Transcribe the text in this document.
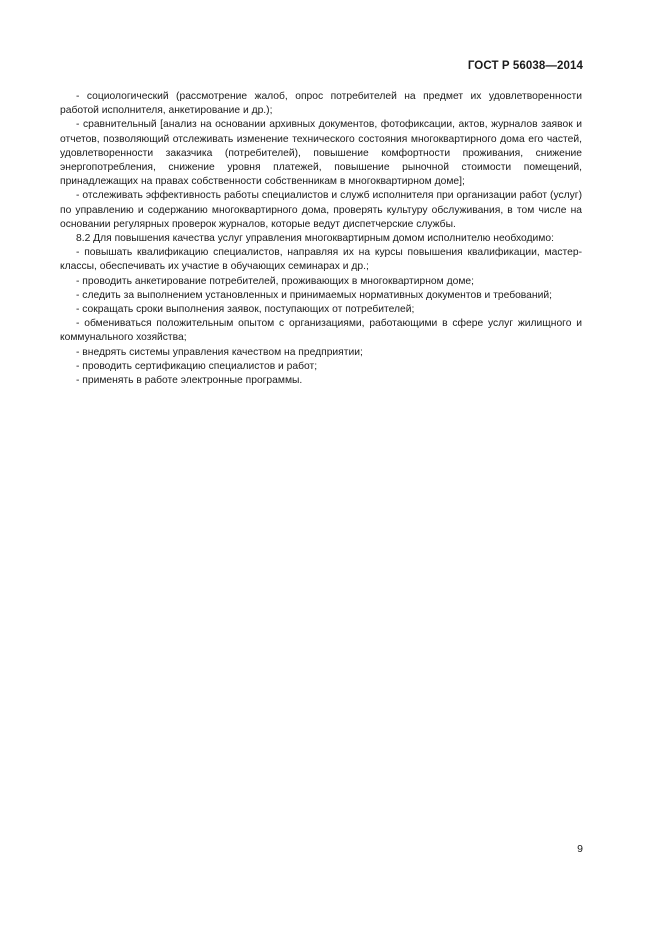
ГОСТ Р 56038—2014

- социологический (рассмотрение жалоб, опрос потребителей на предмет их удовлетворенности работой исполнителя, анкетирование и др.);

- сравнительный [анализ на основании архивных документов, фотофиксации, актов, журналов заявок и отчетов, позволяющий отслеживать изменение технического состояния многоквартирного дома его частей, удовлетворенности заказчика (потребителей), повышение комфортности проживания, снижение энергопотребления, снижение уровня платежей, повышение рыночной стоимости помещений, принадлежащих на правах собственности собственникам в многоквартирном доме];

- отслеживать эффективность работы специалистов и служб исполнителя при организации работ (услуг) по управлению и содержанию многоквартирного дома, проверять культуру обслуживания, в том числе на основании регулярных проверок журналов, которые ведут диспетчерские службы.

8.2 Для повышения качества услуг управления многоквартирным домом исполнителю необходимо:

- повышать квалификацию специалистов, направляя их на курсы повышения квалификации, мастер-классы, обеспечивать их участие в обучающих семинарах и др.;

- проводить анкетирование потребителей, проживающих в многоквартирном доме;

- следить за выполнением установленных и принимаемых нормативных документов и требований;

- сокращать сроки выполнения заявок, поступающих от потребителей;

- обмениваться положительным опытом с организациями, работающими в сфере услуг жилищного и коммунального хозяйства;

- внедрять системы управления качеством на предприятии;

- проводить сертификацию специалистов и работ;

- применять в работе электронные программы.

9
